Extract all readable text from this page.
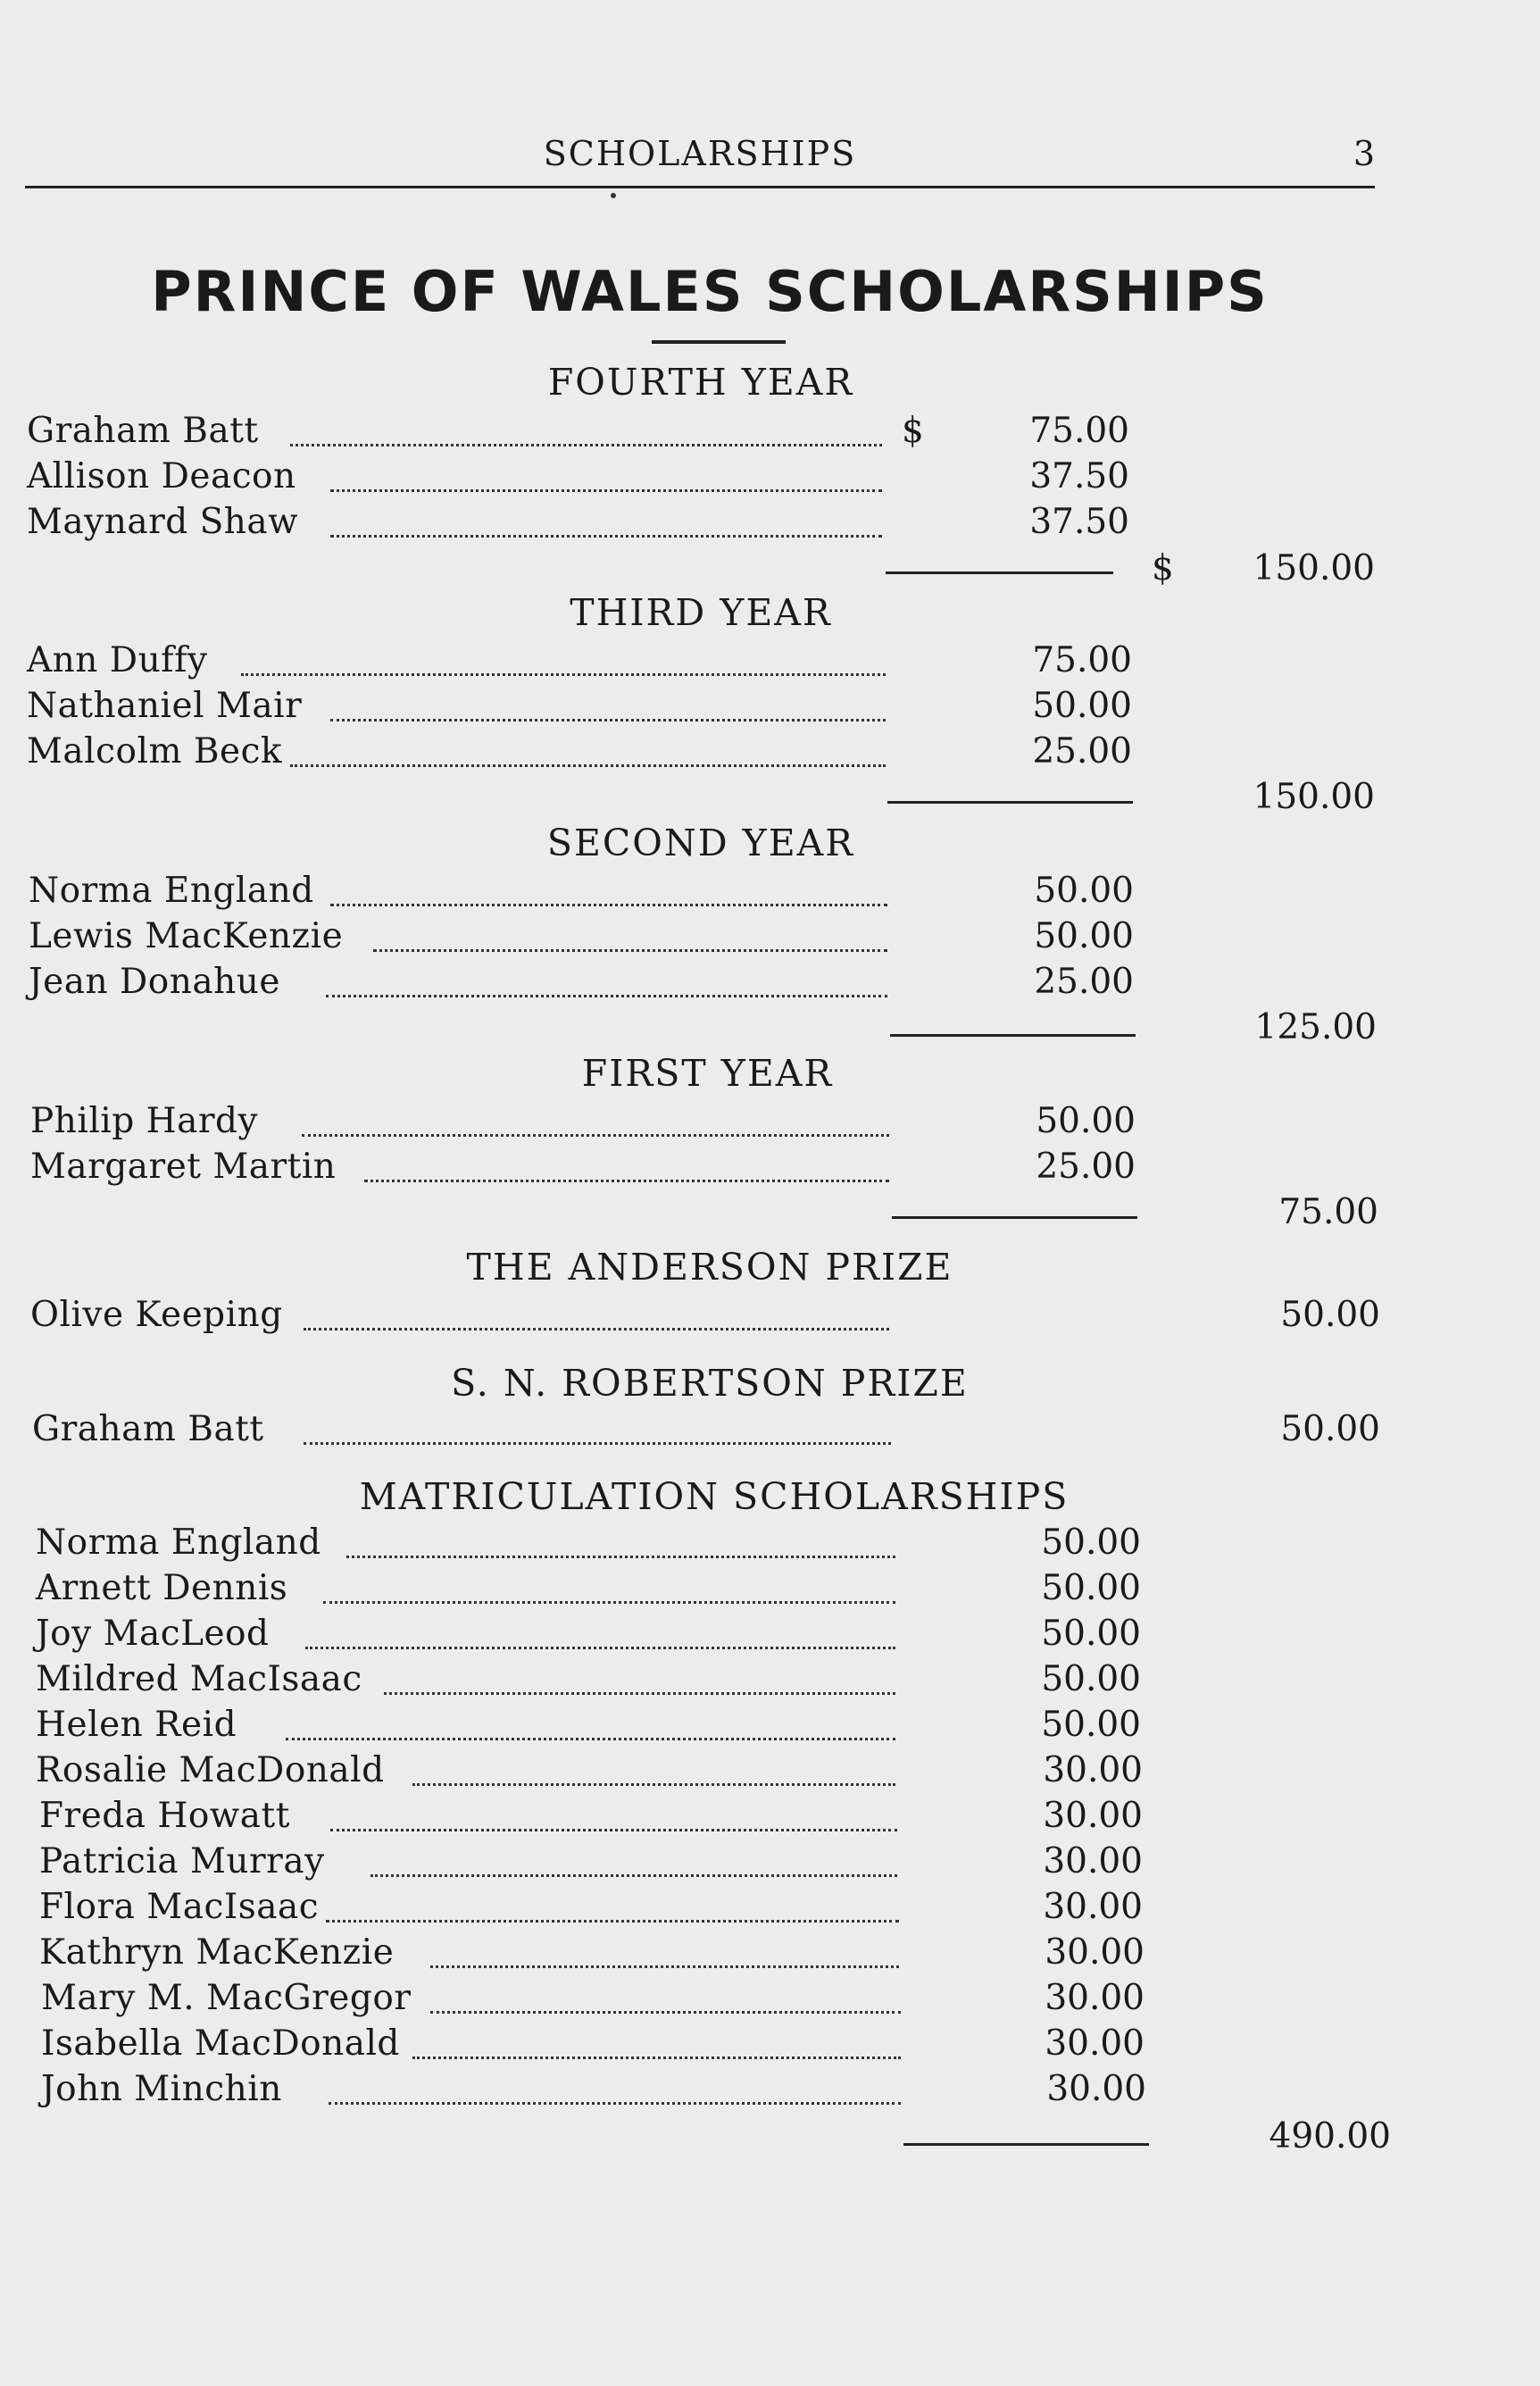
SCHOLARSHIPS	3
PRINCE OF WALES SCHOLARSHIPS
FOURTH YEAR
Graham Batt	$	75.00
Allison Deacon	37.50
Maynard Shaw	37.50
$	150.00
THIRD YEAR
Ann Duffy	75.00
Nathaniel Mair	50.00
Malcolm Beck	25.00
150.00
SECOND YEAR
Norma England	50.00
Lewis MacKenzie	50.00
Jean Donahue	25.00
125.00
FIRST YEAR
Philip Hardy	50.00
Margaret Martin	25.00
75.00
THE ANDERSON PRIZE
Olive Keeping	50.00
S. N. ROBERTSON PRIZE
Graham Batt	50.00
MATRICULATION SCHOLARSHIPS
Norma England	50.00
Arnett Dennis	50.00
Joy MacLeod	50.00
Mildred MacIsaac	50.00
Helen Reid	50.00
Rosalie MacDonald	30.00
Freda Howatt	30.00
Patricia Murray	30.00
Flora MacIsaac	30.00
Kathryn MacKenzie	30.00
Mary M. MacGregor	30.00
Isabella MacDonald	30.00
John Minchin	30.00
490.00
